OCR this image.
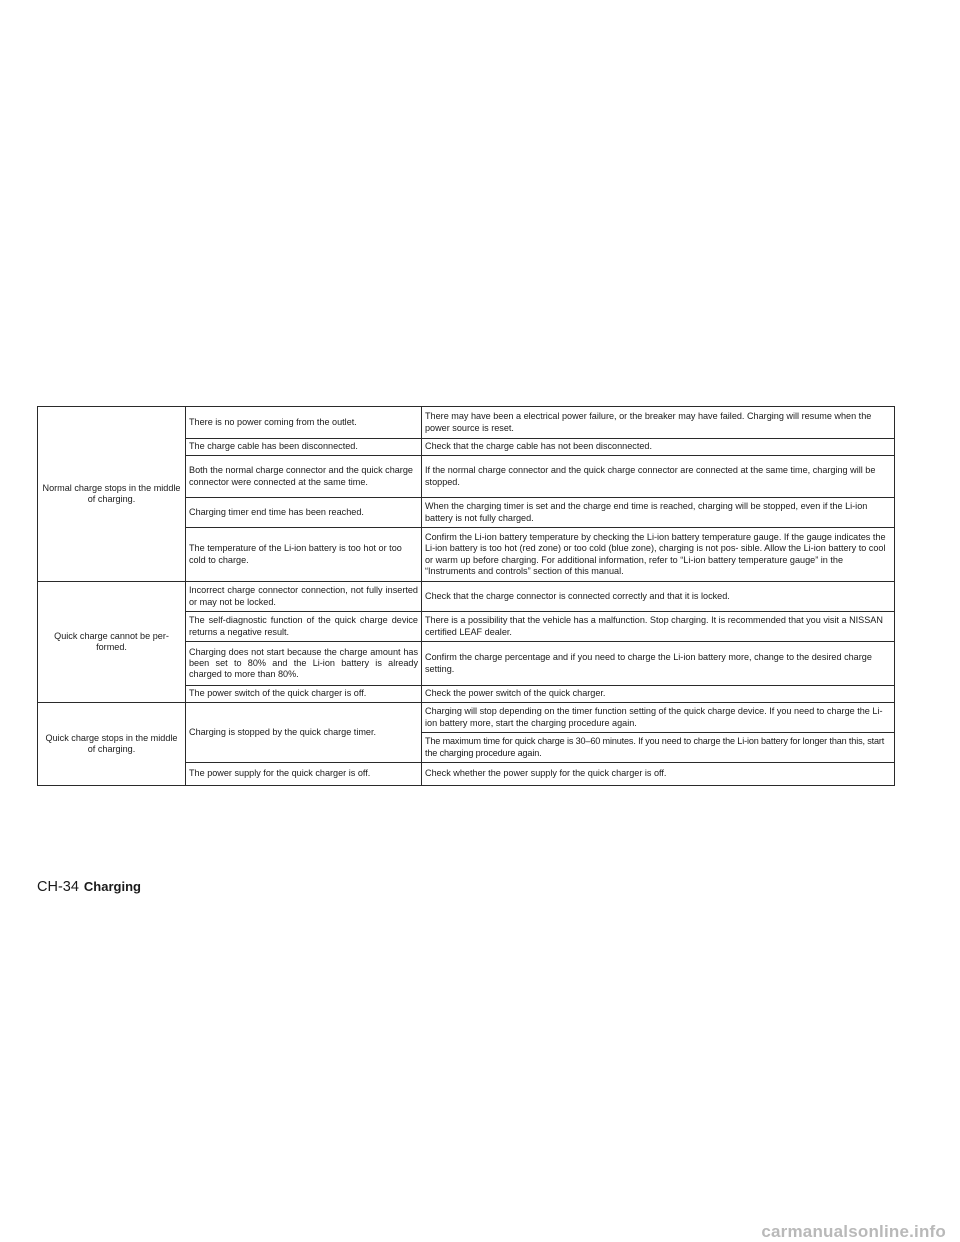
Normal charge stops in the middle of charging.	There is no power coming from the outlet.	There may have been a electrical power failure, or the breaker may have failed. Charging will resume when the power source is reset.
	The charge cable has been disconnected.	Check that the charge cable has not been disconnected.
	Both the normal charge connector and the quick charge connector were connected at the same time.	If the normal charge connector and the quick charge connector are connected at the same time, charging will be stopped.
	Charging timer end time has been reached.	When the charging timer is set and the charge end time is reached, charging will be stopped, even if the Li-ion battery is not fully charged.
	The temperature of the Li-ion battery is too hot or too cold to charge.	Confirm the Li-ion battery temperature by checking the Li-ion battery temperature gauge. If the gauge indicates the Li-ion battery is too hot (red zone) or too cold (blue zone), charging is not pos- sible. Allow the Li-ion battery to cool or warm up before charging. For additional information, refer to “Li-ion battery temperature gauge” in the “Instruments and controls” section of this manual.
Quick charge cannot be per- formed.	Incorrect charge connector connection, not fully inserted or may not be locked.	Check that the charge connector is connected correctly and that it is locked.
	The self-diagnostic function of the quick charge device returns a negative result.	There is a possibility that the vehicle has a malfunction. Stop charging. It is recommended that you visit a NISSAN certified LEAF dealer.
	Charging does not start because the charge amount has been set to 80% and the Li-ion battery is already charged to more than 80%.	Confirm the charge percentage and if you need to charge the Li-ion battery more, change to the desired charge setting.
	The power switch of the quick charger is off.	Check the power switch of the quick charger.
Quick charge stops in the middle of charging.	Charging is stopped by the quick charge timer.	Charging will stop depending on the timer function setting of the quick charge device. If you need to charge the Li-ion battery more, start the charging procedure again.
		The maximum time for quick charge is 30–60 minutes. If you need to charge the Li-ion battery for longer than this, start the charging procedure again.
	The power supply for the quick charger is off.	Check whether the power supply for the quick charger is off.
CH-34 Charging
carmanualsonline.info
